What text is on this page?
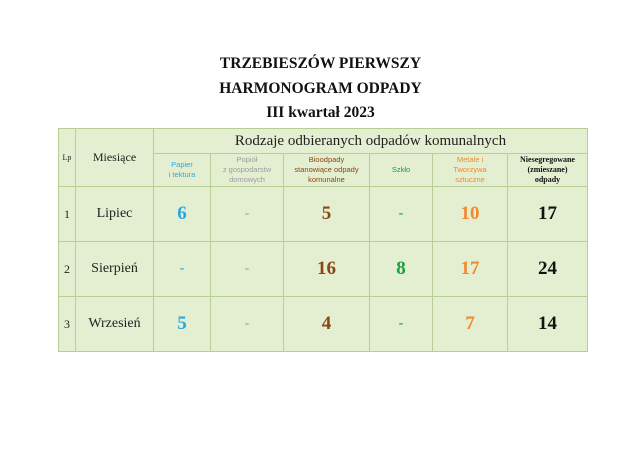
TRZEBIESZÓW PIERWSZY
HARMONOGRAM ODPADY
III kwartał 2023
Lp	Miesiące	Rodzaje odbieranych odpadów komunalnych					
		Papier
i tektura	Popiół
z gospodarstw
domowych	Bioodpady
stanowiące odpady
komunalne	Szkło	Metale i
Tworzywa
sztuczne	Niesegregowane
(zmieszane)
odpady
1	Lipiec	6	-	5	-	10	17
2	Sierpień	-	-	16	8	17	24
3	Wrzesień	5	-	4	-	7	14
